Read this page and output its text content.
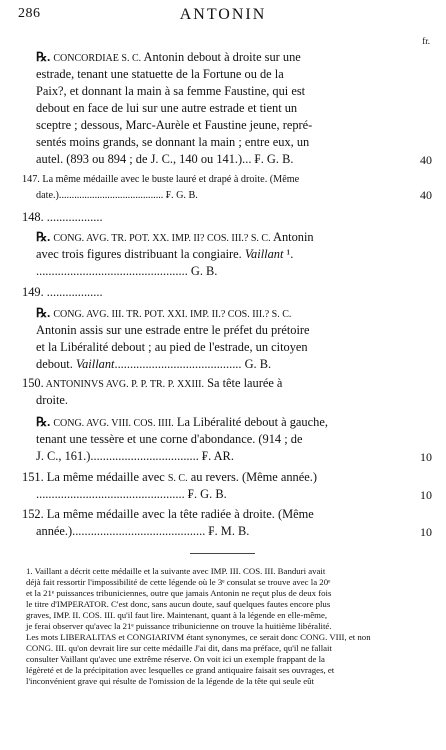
286	ANTONIN
fr.
℞. CONCORDIAE S. C. Antonin debout à droite sur une
estrade, tenant une statuette de la Fortune ou de la
Paix?, et donnant la main à sa femme Faustine, qui est
debout en face de lui sur une autre estrade et tient un
sceptre ; dessous, Marc-Aurèle et Faustine jeune, repré-
sentés moins grands, se donnant la main ; entre eux, un
autel. (893 ou 894 ; de J. C., 140 ou 141.)... ₣. G. B.	40
147. La même médaille avec le buste lauré et drapé à droite. (Même
date.)......................................... ₣. G. B.	40
148. ..................
℞. CONG. AVG. TR. POT. XX. IMP. II? COS. III.? S. C. Antonin
avec trois figures distribuant la congiaire. Vaillant ¹.
................................................. G. B.
149. ..................
℞. CONG. AVG. III. TR. POT. XXI. IMP. II.? COS. III.? S. C.
Antonin assis sur une estrade entre le préfet du prétoire
et la Libéralité debout ; au pied de l'estrade, un citoyen
debout. Vaillant......................................... G. B.
150. ANTONINVS AVG. P. P. TR. P. XXIII. Sa tête laurée à
droite.
℞. CONG. AVG. VIII. COS. IIII. La Libéralité debout à gauche,
tenant une tessère et une corne d'abondance. (914 ; de
J. C., 161.)................................... ₣. AR.	10
151. La même médaille avec S. C. au revers. (Même année.)
................................................ ₣. G. B.	10
152. La même médaille avec la tête radiée à droite. (Même
année.)........................................... ₣. M. B.	10
1. Vaillant a décrit cette médaille et la suivante avec IMP. III. COS. III. Banduri avait
déjà fait ressortir l'impossibilité de cette légende où le 3ᵉ consulat se trouve avec la 20ᵉ
et la 21ᵉ puissances tribuniciennes, outre que jamais Antonin ne reçut plus de deux fois
le titre d'IMPERATOR. C'est donc, sans aucun doute, sauf quelques fautes encore plus
graves, IMP. II. COS. III. qu'il faut lire. Maintenant, quant à la légende en elle-même,
je ferai observer qu'avec la 21ᵉ puissance tribunicienne on trouve la huitième libéralité.
Les mots LIBERALITAS et CONGIARIVM étant synonymes, ce serait donc CONG. VIII, et non
CONG. III. qu'on devrait lire sur cette médaille J'ai dit, dans ma préface, qu'il ne fallait
consulter Vaillant qu'avec une extrême réserve. On voit ici un exemple frappant de la
légèreté et de la précipitation avec lesquelles ce grand antiquaire faisait ses ouvrages, et
l'inconvénient grave qui résulte de l'omission de la légende de la tête qui seule eût
